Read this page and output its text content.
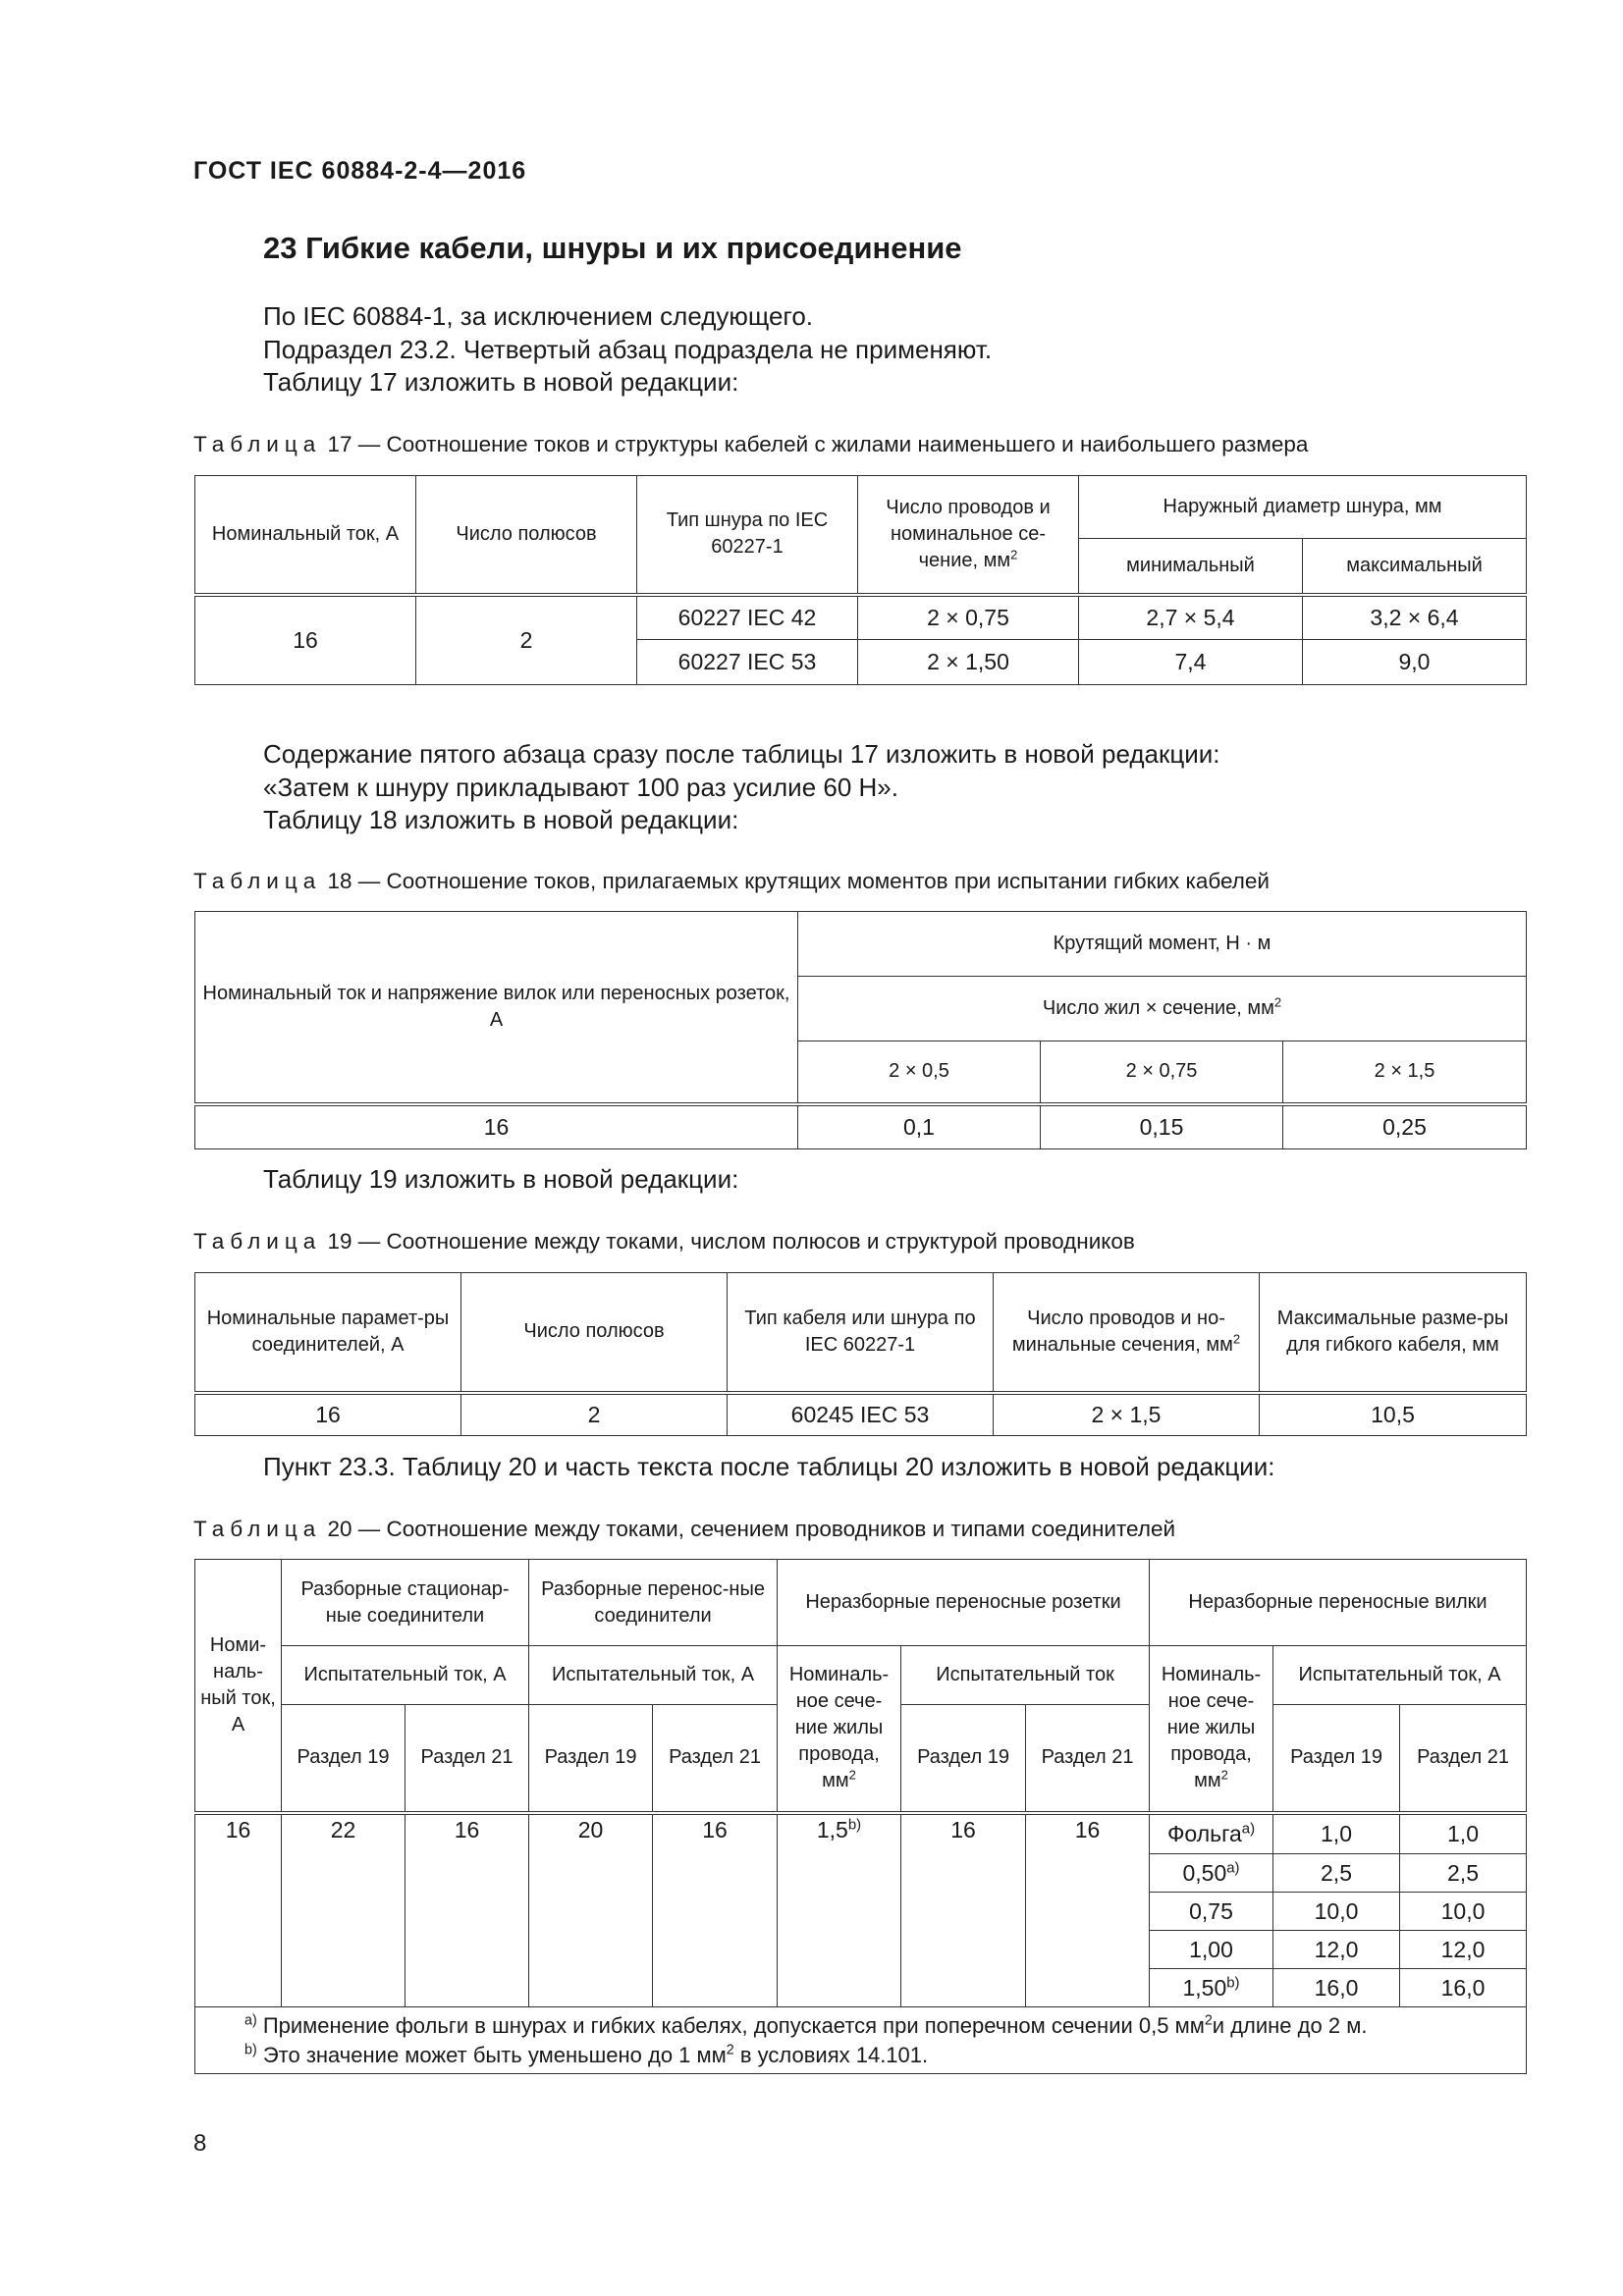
ГОСТ IEC 60884-2-4—2016
23 Гибкие кабели, шнуры и их присоединение
По IEC 60884-1, за исключением следующего.
Подраздел 23.2. Четвертый абзац подраздела не применяют.
Таблицу 17 изложить в новой редакции:
Таблица 17 — Соотношение токов и структуры кабелей с жилами наименьшего и наибольшего размера
Номинальный ток, А	Число полюсов	Тип шнура по IEC 60227-1	Число проводов и номинальное се-чение, $мм^2$	Наружный диаметр шнура, мм	
				минимальный	максимальный
16	2	60227 IEC 42	2 × 0,75	2,7 × 5,4	3,2 × 6,4
		60227 IEC 53	2 × 1,50	7,4	9,0
Содержание пятого абзаца сразу после таблицы 17 изложить в новой редакции:
«Затем к шнуру прикладывают 100 раз усилие 60 Н».
Таблицу 18 изложить в новой редакции:
Таблица 18 — Соотношение токов, прилагаемых крутящих моментов при испытании гибких кабелей
Номинальный ток и напряжение вилок или переносных розеток, А	Крутящий момент, Н · м		
	Число жил × сечение, $мм^2$
	2 × 0,5	2 × 0,75	2 × 1,5
16	0,1	0,15	0,25
Таблицу 19 изложить в новой редакции:
Таблица 19 — Соотношение между токами, числом полюсов и структурой проводников
Номинальные парамет-ры соединителей, А	Число полюсов	Тип кабеля или шнура по IEC 60227-1	Число проводов и но-минальные сечения, $мм^2$	Максимальные разме-ры для гибкого кабеля, мм
16	2	60245 IEC 53	2 × 1,5	10,5
Пункт 23.3. Таблицу 20 и часть текста после таблицы 20 изложить в новой редакции:
Таблица 20 — Соотношение между токами, сечением проводников и типами соединителей
Номи-наль-ный ток, А	Разборные стационар-ные соединители		Разборные перенос-ные соединители		Неразборные переносные розетки			Неразборные переносные вилки		
	Испытательный ток, А		Испытательный ток, А		Номиналь-ное сече-ние жилы провода, $мм^2$	Испытательный ток		Номиналь-ное сече-ние жилы провода, $мм^2$	Испытательный ток, А	
	Раздел 19	Раздел 21	Раздел 19	Раздел 21		Раздел 19	Раздел 21		Раздел 19	Раздел 21
16	22	16	20	16	1,5$^{b)}$	16	16	Фольга$^{a)}$	1,0	1,0
								0,50$^{a)}$	2,5	2,5
								0,75	10,0	10,0
								1,00	12,0	12,0
								1,50$^{b)}$	16,0	16,0

$^{a)}$ Применение фольги в шнурах и гибких кабелях, допускается при поперечном сечении 0,5 $мм^2и$ длине до 2 м.
$^{b)}$ Это значение может быть уменьшено до 1 $мм^2$ в условиях 14.101.										
8
